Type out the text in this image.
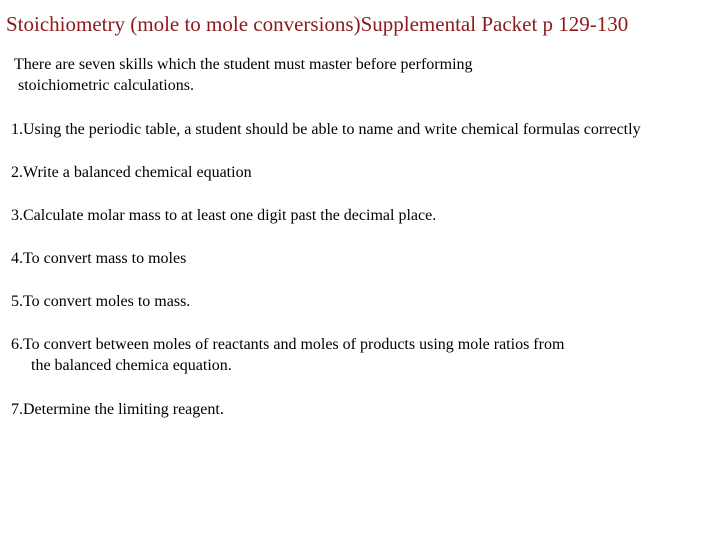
Stoichiometry (mole to mole conversions)Supplemental Packet p 129-130
There are seven skills which the student must master before performing
stoichiometric calculations.
1.Using the periodic table, a student should be able to name and write chemical formulas correctly
2.Write a balanced chemical equation
3.Calculate molar mass to at least one digit past the decimal place.
4.To convert mass to moles
5.To convert moles to mass.
6.To convert between moles of reactants and moles of products using mole ratios from
the balanced chemica equation.
7.Determine the limiting reagent.
